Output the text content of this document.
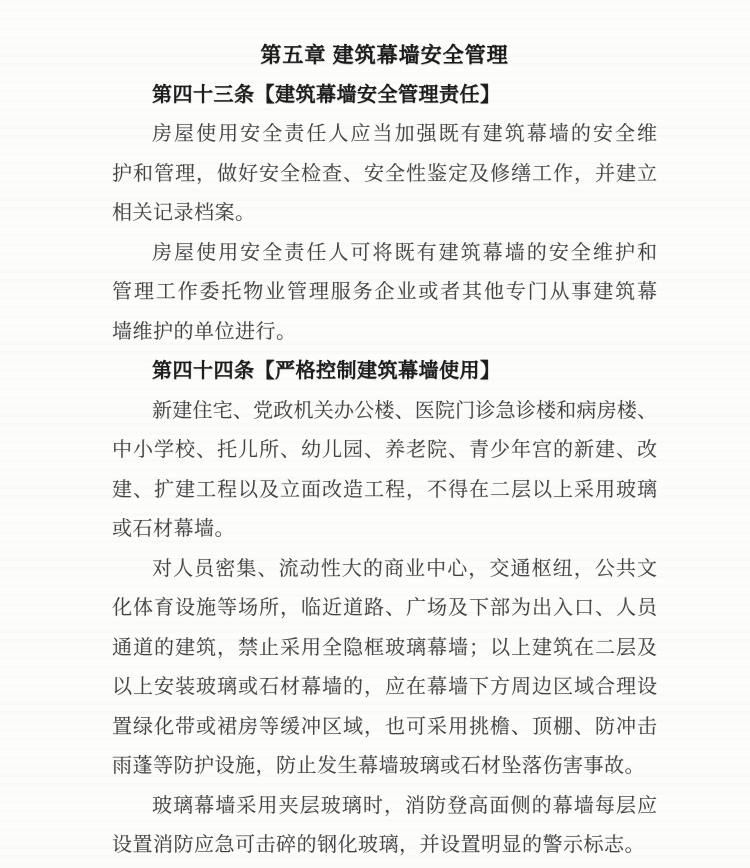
第五章 建筑幕墙安全管理
第四十三条【建筑幕墙安全管理责任】
房屋使用安全责任人应当加强既有建筑幕墙的安全维
护和管理，做好安全检查、安全性鉴定及修缮工作，并建立
相关记录档案。
房屋使用安全责任人可将既有建筑幕墙的安全维护和
管理工作委托物业管理服务企业或者其他专门从事建筑幕
墙维护的单位进行。
第四十四条【严格控制建筑幕墙使用】
新建住宅、党政机关办公楼、医院门诊急诊楼和病房楼、
中小学校、托儿所、幼儿园、养老院、青少年宫的新建、改
建、扩建工程以及立面改造工程，不得在二层以上采用玻璃
或石材幕墙。
对人员密集、流动性大的商业中心，交通枢纽，公共文
化体育设施等场所，临近道路、广场及下部为出入口、人员
通道的建筑，禁止采用全隐框玻璃幕墙；以上建筑在二层及
以上安装玻璃或石材幕墙的，应在幕墙下方周边区域合理设
置绿化带或裙房等缓冲区域，也可采用挑檐、顶棚、防冲击
雨蓬等防护设施，防止发生幕墙玻璃或石材坠落伤害事故。
玻璃幕墙采用夹层玻璃时，消防登高面侧的幕墙每层应
设置消防应急可击碎的钢化玻璃，并设置明显的警示标志。
